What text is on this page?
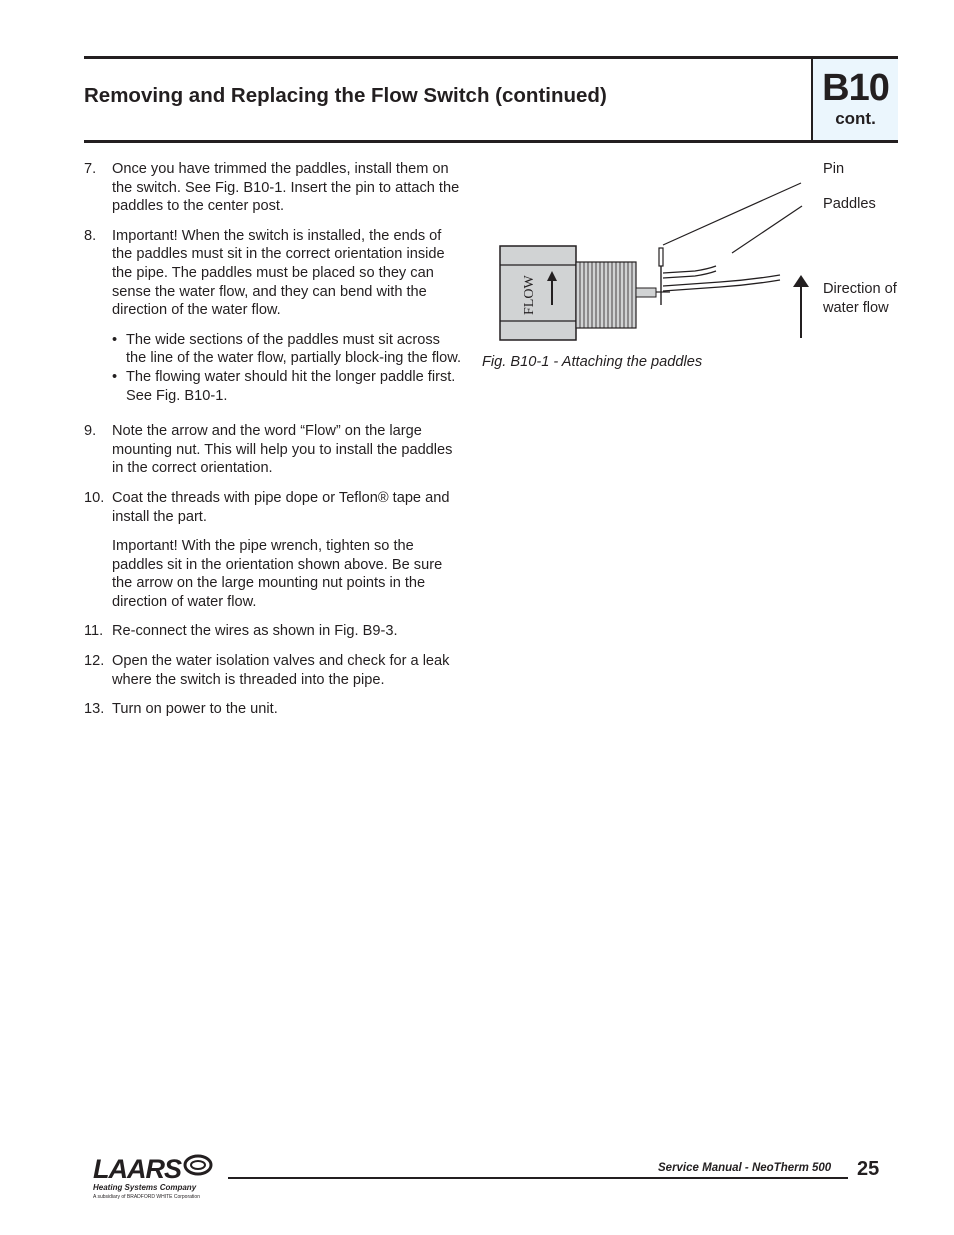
Removing and Replacing the Flow Switch (continued)	B10
cont.
7. Once you have trimmed the paddles, install them on the switch. See Fig. B10-1. Insert the pin to attach the paddles to the center post.
8. Important! When the switch is installed, the ends of the paddles must sit in the correct orientation inside the pipe. The paddles must be placed so they can sense the water flow, and they can bend with the direction of the water flow.
• The wide sections of the paddles must sit across the line of the water flow, partially block-ing the flow.
• The flowing water should hit the longer paddle first. See Fig. B10-1.
9. Note the arrow and the word “Flow” on the large mounting nut. This will help you to install the paddles in the correct orientation.
10. Coat the threads with pipe dope or Teflon® tape and install the part.
Important! With the pipe wrench, tighten so the paddles sit in the orientation shown above. Be sure the arrow on the large mounting nut points in the direction of water flow.
11. Re-connect the wires as shown in Fig. B9-3.
12. Open the water isolation valves and check for a leak where the switch is threaded into the pipe.
13. Turn on power to the unit.
FLOW
Pin
Paddles
Direction of water flow
Fig. B10-1 - Attaching the paddles
LAARS
Heating Systems Company
A subsidiary of BRADFORD WHITE Corporation
Service Manual - NeoTherm 500 25
